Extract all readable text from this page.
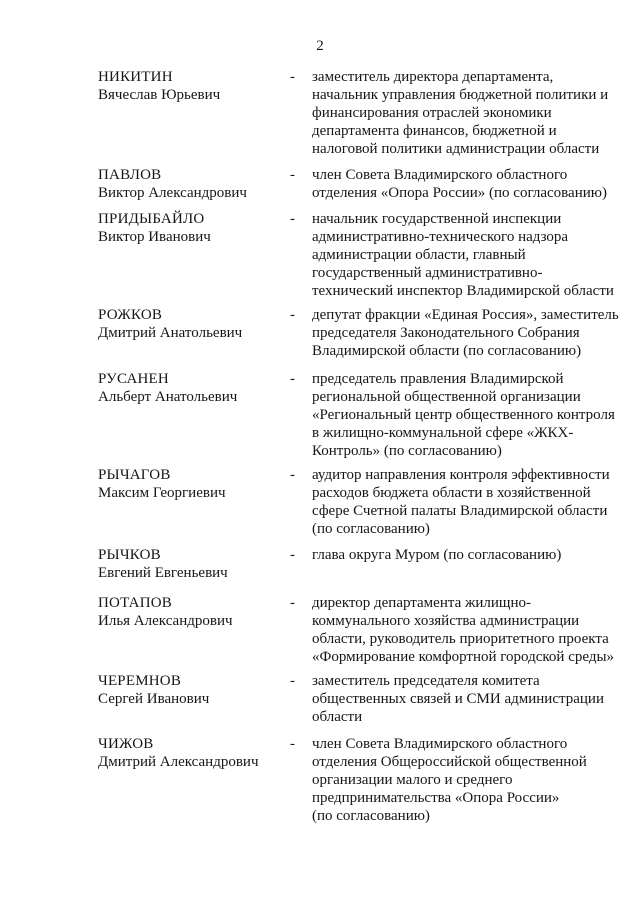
2
НИКИТИН
Вячеслав Юрьевич
-	заместитель директора департамента,
начальник управления бюджетной политики и
финансирования отраслей экономики
департамента финансов, бюджетной и
налоговой политики администрации области
ПАВЛОВ
Виктор Александрович
-	член Совета Владимирского областного
отделения «Опора России» (по согласованию)
ПРИДЫБАЙЛО
Виктор Иванович
-	начальник государственной инспекции
административно-технического надзора
администрации области, главный
государственный административно-
технический инспектор Владимирской области
РОЖКОВ
Дмитрий Анатольевич
-	депутат фракции «Единая Россия», заместитель
председателя Законодательного Собрания
Владимирской области (по согласованию)
РУСАНЕН
Альберт Анатольевич
-	председатель правления Владимирской
региональной общественной организации
«Региональный центр общественного контроля
в жилищно-коммунальной сфере «ЖКХ-
Контроль» (по согласованию)
РЫЧАГОВ
Максим Георгиевич
-	аудитор направления контроля эффективности
расходов бюджета области в хозяйственной
сфере Счетной палаты Владимирской области
(по согласованию)
РЫЧКОВ
Евгений Евгеньевич
-	глава округа Муром (по согласованию)
ПОТАПОВ
Илья Александрович
-	директор департамента жилищно-
коммунального хозяйства администрации
области, руководитель приоритетного проекта
«Формирование комфортной городской среды»
ЧЕРЕМНОВ
Сергей Иванович
-	заместитель председателя комитета
общественных связей и СМИ администрации
области
ЧИЖОВ
Дмитрий Александрович
-	член Совета Владимирского областного
отделения Общероссийской общественной
организации малого и среднего
предпринимательства «Опора России»
(по согласованию)
